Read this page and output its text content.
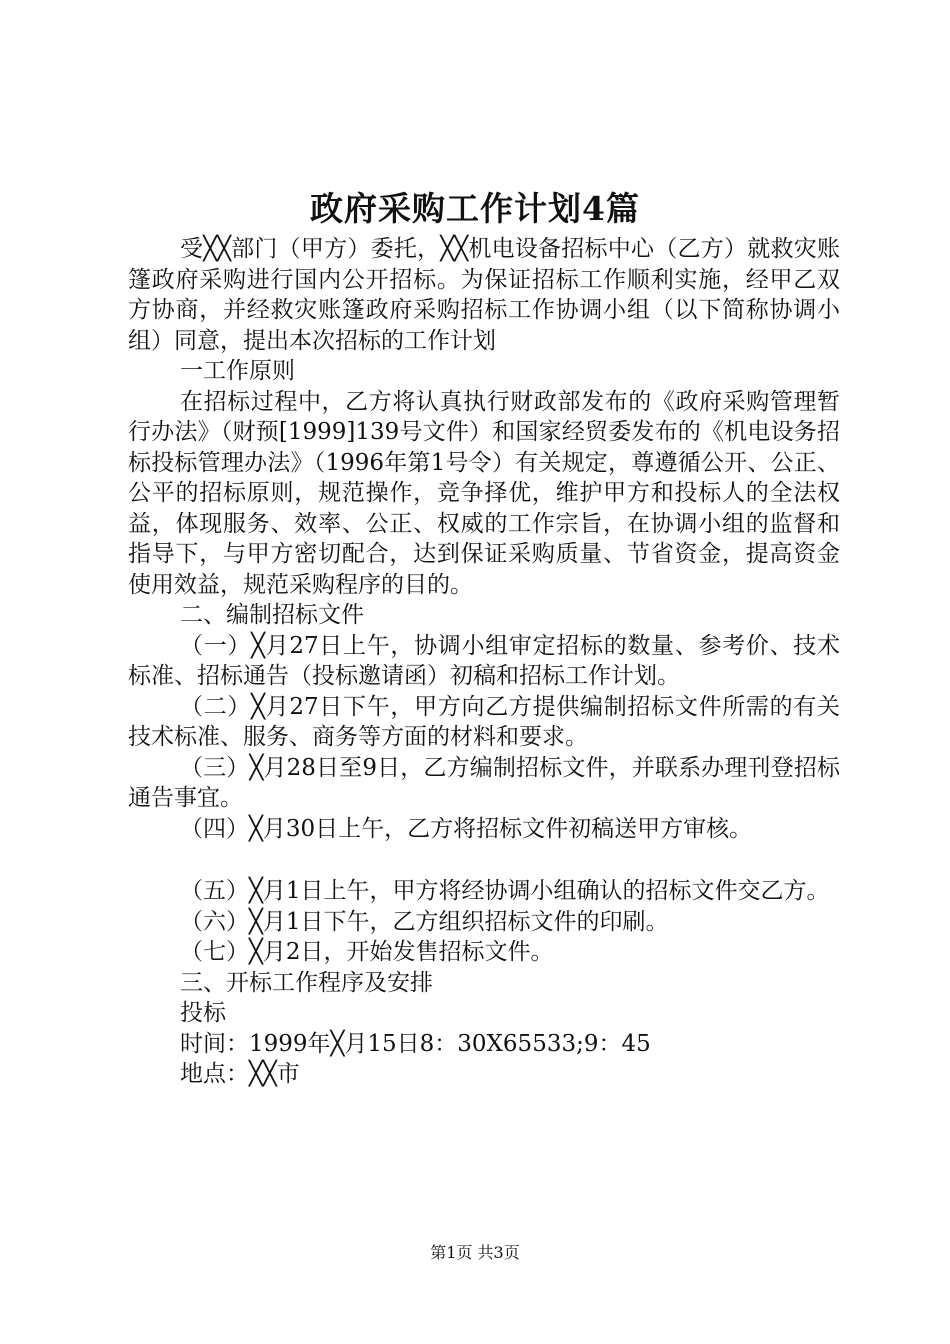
政府采购工作计划4篇

受╳╳部门（甲方）委托，╳╳机电设备招标中心（乙方）就救灾账篷政府采购进行国内公开招标。为保证招标工作顺利实施，经甲乙双方协商，并经救灾账篷政府采购招标工作协调小组（以下简称协调小组）同意，提出本次招标的工作计划

一工作原则

在招标过程中，乙方将认真执行财政部发布的《政府采购管理暂行办法》（财预[1999]139号文件）和国家经贸委发布的《机电设务招标投标管理办法》（1996年第1号令）有关规定，尊遵循公开、公正、公平的招标原则，规范操作，竞争择优，维护甲方和投标人的全法权益，体现服务、效率、公正、权威的工作宗旨，在协调小组的监督和指导下，与甲方密切配合，达到保证采购质量、节省资金，提高资金使用效益，规范采购程序的目的。

二、编制招标文件

（一）╳月27日上午，协调小组审定招标的数量、参考价、技术标准、招标通告（投标邀请函）初稿和招标工作计划。

（二）╳月27日下午，甲方向乙方提供编制招标文件所需的有关技术标准、服务、商务等方面的材料和要求。

（三）╳月28日至9日，乙方编制招标文件，并联系办理刊登招标通告事宜。

（四）╳月30日上午，乙方将招标文件初稿送甲方审核。

（五）╳月1日上午，甲方将经协调小组确认的招标文件交乙方。

（六）╳月1日下午，乙方组织招标文件的印刷。

（七）╳月2日，开始发售招标文件。

三、开标工作程序及安排

投标

时间：1999年╳月15日8：30X65533;9：45

地点：╳╳市

第1页 共3页
